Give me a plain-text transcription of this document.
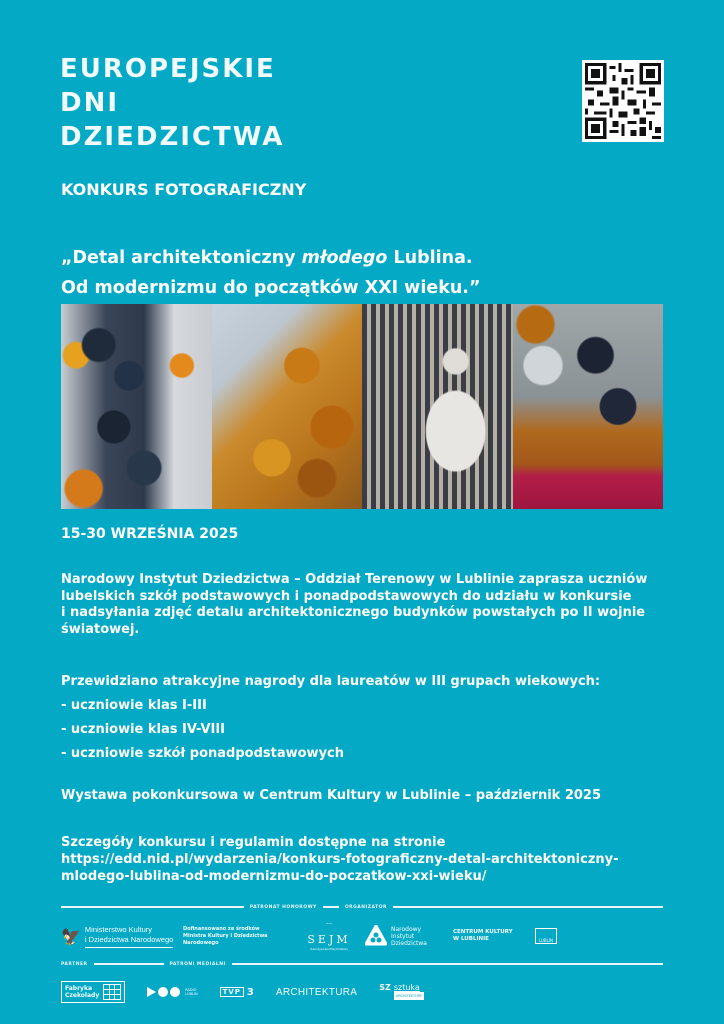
EUROPEJSKIE
DNI
DZIEDZICTWA
KONKURS FOTOGRAFICZNY
„Detal architektoniczny młodego Lublina.
Od modernizmu do początków XXI wieku.”
15-30 WRZEŚNIA 2025
Narodowy Instytut Dziedzictwa – Oddział Terenowy w Lublinie zaprasza uczniów
lubelskich szkół podstawowych i ponadpodstawowych do udziału w konkursie
i nadsyłania zdjęć detalu architektonicznego budynków powstałych po II wojnie
światowej.
Przewidziano atrakcyjne nagrody dla laureatów w III grupach wiekowych:
- uczniowie klas I-III
- uczniowie klas IV-VIII
- uczniowie szkół ponadpodstawowych
Wystawa pokonkursowa w Centrum Kultury w Lublinie – październik 2025
Szczegóły konkursu i regulamin dostępne na stronie
https://edd.nid.pl/wydarzenia/konkurs-fotograficzny-detal-architektoniczny-
mlodego-lublina-od-modernizmu-do-poczatkow-xxi-wieku/
PATRONAT HONOROWY	ORGANIZATOR
🦅 Ministerstwo Kultury
i Dziedzictwa Narodowego
Dofinansowano ze środków
Ministra Kultury i Dziedzictwa
Narodowego
⌒
SEJM
Rzeczypospolitej Polskiej
Narodowy
Instytut
Dziedzictwa
CENTRUM KULTURY
W LUBLINIE	LUBLIN
PARTNER	PATRONI MEDIALNI
Fabryka
Czekolady
RADIO
LUBLIN	TVP 3 ARCHITEKTURA	SZ sztuka
ARCHITEKTURY
